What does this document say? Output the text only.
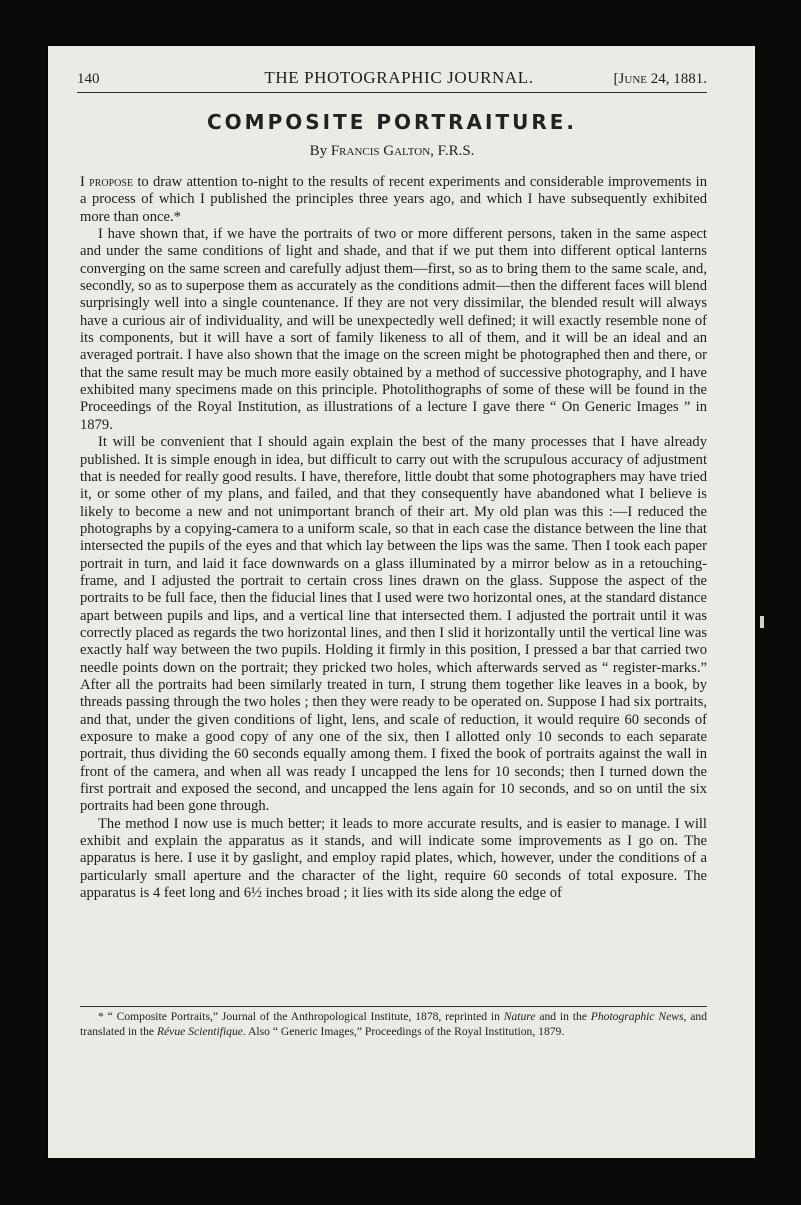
140	THE PHOTOGRAPHIC JOURNAL.	[June 24, 1881.
COMPOSITE PORTRAITURE.
By Francis Galton, F.R.S.

I propose to draw attention to-night to the results of recent experiments and considerable improvements in a process of which I published the principles three years ago, and which I have subsequently exhibited more than once.*

I have shown that, if we have the portraits of two or more different persons, taken in the same aspect and under the same conditions of light and shade, and that if we put them into different optical lanterns converging on the same screen and carefully adjust them—first, so as to bring them to the same scale, and, secondly, so as to superpose them as accurately as the conditions admit—then the different faces will blend surprisingly well into a single countenance. If they are not very dissimilar, the blended result will always have a curious air of individuality, and will be unexpectedly well defined; it will exactly resemble none of its components, but it will have a sort of family likeness to all of them, and it will be an ideal and an averaged portrait. I have also shown that the image on the screen might be photographed then and there, or that the same result may be much more easily obtained by a method of successive photography, and I have exhibited many specimens made on this principle. Photolithographs of some of these will be found in the Proceedings of the Royal Institution, as illustrations of a lecture I gave there “ On Generic Images ” in 1879.

It will be convenient that I should again explain the best of the many processes that I have already published. It is simple enough in idea, but difficult to carry out with the scrupulous accuracy of adjustment that is needed for really good results. I have, therefore, little doubt that some photographers may have tried it, or some other of my plans, and failed, and that they consequently have abandoned what I believe is likely to become a new and not unimportant branch of their art. My old plan was this :—I reduced the photographs by a copying-camera to a uniform scale, so that in each case the distance between the line that intersected the pupils of the eyes and that which lay between the lips was the same. Then I took each paper portrait in turn, and laid it face downwards on a glass illuminated by a mirror below as in a retouching-frame, and I adjusted the portrait to certain cross lines drawn on the glass. Suppose the aspect of the portraits to be full face, then the fiducial lines that I used were two horizontal ones, at the standard distance apart between pupils and lips, and a vertical line that intersected them. I adjusted the portrait until it was correctly placed as regards the two horizontal lines, and then I slid it horizontally until the vertical line was exactly half way between the two pupils. Holding it firmly in this position, I pressed a bar that carried two needle points down on the portrait; they pricked two holes, which afterwards served as “ register-marks.” After all the portraits had been similarly treated in turn, I strung them together like leaves in a book, by threads passing through the two holes ; then they were ready to be operated on. Suppose I had six portraits, and that, under the given conditions of light, lens, and scale of reduction, it would require 60 seconds of exposure to make a good copy of any one of the six, then I allotted only 10 seconds to each separate portrait, thus dividing the 60 seconds equally among them. I fixed the book of portraits against the wall in front of the camera, and when all was ready I uncapped the lens for 10 seconds; then I turned down the first portrait and exposed the second, and uncapped the lens again for 10 seconds, and so on until the six portraits had been gone through.

The method I now use is much better; it leads to more accurate results, and is easier to manage. I will exhibit and explain the apparatus as it stands, and will indicate some improvements as I go on. The apparatus is here. I use it by gaslight, and employ rapid plates, which, however, under the conditions of a particularly small aperture and the character of the light, require 60 seconds of total exposure. The apparatus is 4 feet long and 6½ inches broad ; it lies with its side along the edge of

* “ Composite Portraits,” Journal of the Anthropological Institute, 1878, reprinted in Nature and in the Photographic News, and translated in the Révue Scientifique. Also “ Generic Images,” Proceedings of the Royal Institution, 1879.
